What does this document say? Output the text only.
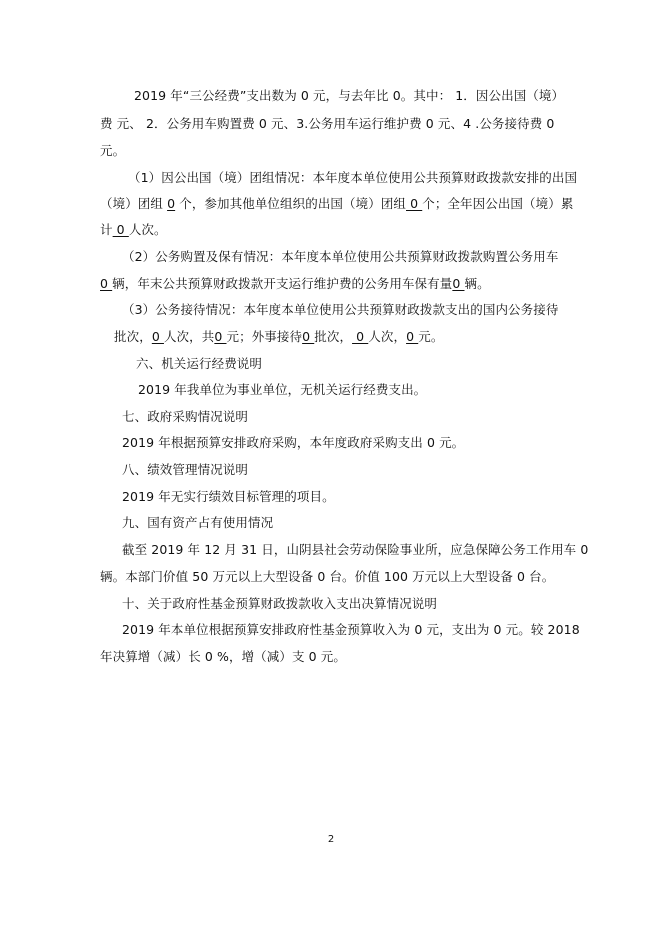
2019 年“三公经费”支出数为 0 元，与去年比 0。其中： 1．因公出国（境）
费 元、 2．公务用车购置费 0 元、3.公务用车运行维护费 0 元、4 .公务接待费 0
元。
（1）因公出国（境）团组情况：本年度本单位使用公共预算财政拨款安排的出国
（境）团组 0 个，参加其他单位组织的出国（境）团组 0 个；全年因公出国（境）累
计 0 人次。
（2）公务购置及保有情况：本年度本单位使用公共预算财政拨款购置公务用车
0 辆，年末公共预算财政拨款开支运行维护费的公务用车保有量0 辆。
（3）公务接待情况：本年度本单位使用公共预算财政拨款支出的国内公务接待
批次，0 人次，共0 元；外事接待0 批次， 0 人次，0 元。
六、机关运行经费说明
2019 年我单位为事业单位，无机关运行经费支出。
七、政府采购情况说明
2019 年根据预算安排政府采购，本年度政府采购支出 0 元。
八、绩效管理情况说明
2019 年无实行绩效目标管理的项目。
九、国有资产占有使用情况
截至 2019 年 12 月 31 日，山阴县社会劳动保险事业所，应急保障公务工作用车 0
辆。本部门价值 50 万元以上大型设备 0 台。价值 100 万元以上大型设备 0 台。
十、关于政府性基金预算财政拨款收入支出决算情况说明
2019 年本单位根据预算安排政府性基金预算收入为 0 元，支出为 0 元。较 2018
年决算增（减）长 0 %，增（减）支 0 元。
2
